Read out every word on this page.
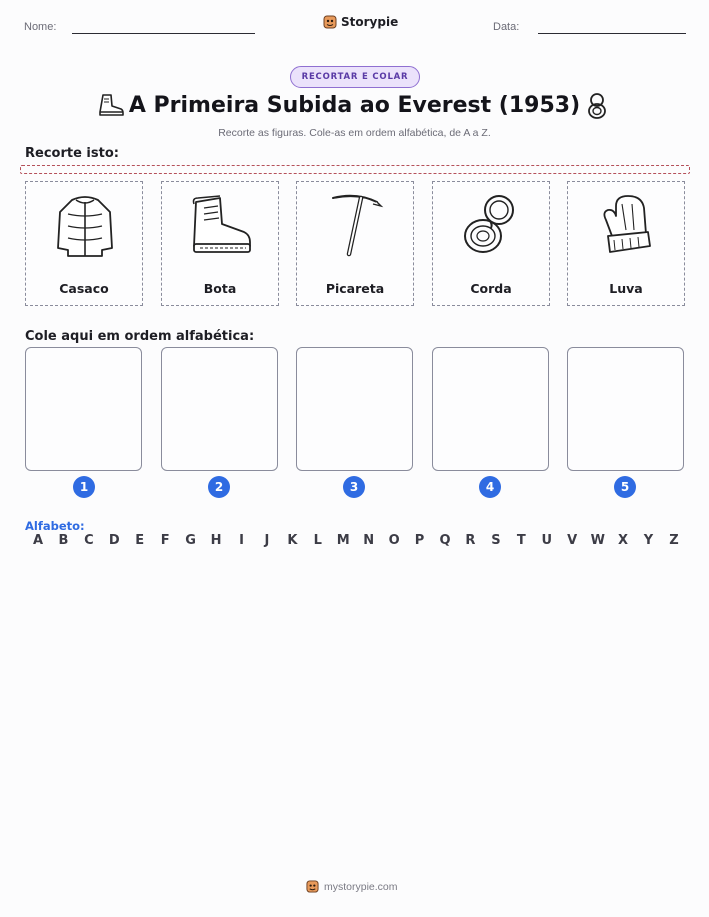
Nome:	Storypie	Data:
RECORTAR E COLAR
A Primeira Subida ao Everest (1953)
Recorte as figuras. Cole-as em ordem alfabética, de A a Z.
Recorte isto:
Casaco	Bota	Picareta	Corda	Luva
Cole aqui em ordem alfabética:
1	2	3	4	5
Alfabeto:
A B C D E F G H	I	J	K L M N O P Q R S T U V W X Y Z
mystorypie.com
